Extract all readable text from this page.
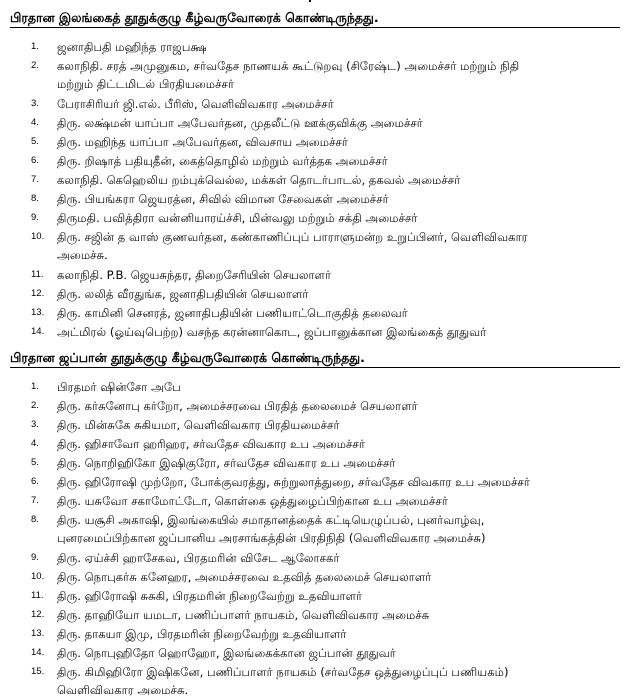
பிரதான இலங்கைத் தூதுக்குழு கீழ்வருவோரைக் கொண்டிருந்தது.
1.	ஜனாதிபதி மஹிந்த ராஜபக்ஷ
2.	கலாநிதி. சரத் அமுனுகம, சர்வதேச நாணயக் கூட்டுறவு (சிரேஷ்ட) அமைச்சர் மற்றும் நிதி
மற்றும் திட்டமிடல் பிரதியமைச்சர்
3.	பேராசிரியர் ஜி.எல். பீரிஸ், வெளிவிவகார அமைச்சர்
4.	திரு. லக்ஷ்மன் யாப்பா அபேவர்தன, முதலீட்டு ஊக்குவிக்கு அமைச்சர்
5.	திரு. மஹிந்த யாப்பா அபேவர்தன, விவசாய அமைச்சர்
6.	திரு. றிஷாத் பதியுதீன், கைத்தொழில் மற்றும் வர்த்தக அமைச்சர்
7.	கலாநிதி. கெஹெலிய றம்புக்வெல்ல, மக்கள் தொடர்பாடல், தகவல் அமைச்சர்
8.	திரு. பியங்கரா ஜெயரத்ன, சிவில் விமான சேவைகள் அமைச்சர்
9.	திருமதி. பவித்திரா வன்னியாரய்ச்சி, மின்வலு மற்றும் சக்தி அமைச்சர்
10.	திரு. சஜின் த வாஸ் குணவர்தன, கண்காணிப்புப் பாராளுமன்ற உறுப்பினர், வெளிவிவகார
அமைச்சு.
11.	கலாநிதி. P.B. ஜெயசுந்தர, திறைசேரியின் செயலாளர்
12.	திரு. லலித் வீரதுங்க, ஜனாதிபதியின் செயலாளர்
13.	திரு. காமினி செனரத், ஜனாதிபதியின் பணியாட்டொகுதித் தலைவர்
14.	அட்மிரல் (ஓய்வுபெற்ற) வசந்த கரன்னாகொட, ஜப்பானுக்கான இலங்கைத் தூதுவர்
பிரதான ஜப்பான் தூதுக்குழு கீழ்வருவோரைக் கொண்டிருந்தது.
1.	பிரதமர் ஷின்சோ அபே
2.	திரு. கர்சுனோபு கர்றோ, அமைச்சரவை பிரதித் தலைமைச் செயலாளர்
3.	திரு. மின்சுகே சுகியமா, வெளிவிவகார பிரதியமைச்சர்
4.	திரு. ஹிசாவோ ஹரிஹர, சர்வதேச விவகார உப அமைச்சர்
5.	திரு. நொறிஹிகோ இஷிகுரோ, சர்வதேச விவகார உப அமைச்சர்
6.	திரு. ஹிரோஷி முற்றோ, போக்குவரத்து, சுற்றுலாத்துறை, சர்வதேச விவகார உப அமைச்சர்
7.	திரு. யசுவோ சகாமோட்டோ, கொள்கை ஒத்துழைப்பிற்கான உப அமைச்சர்
8.	திரு. யசூசி அகாஷி, இலங்கையில் சமாதானத்தைக் கட்டியெழுப்பல், புனர்வாழ்வு,
புனரமைப்பிற்கான ஜப்பானிய அரசாங்கத்தின் பிரதிநிதி (வெளிவிவகார அமைச்சு)
9.	திரு. ஏய்ச்சி ஹாசேகவ, பிரதமரின் விசேட ஆலோசகர்
10.	திரு. நொபுகர்சு கனேஹர, அமைச்சரவை உதவித் தலைமைச் செயலாளர்
11.	திரு. ஹிரோஷி சுசுகி, பிரதமரின் நிறைவேற்று உதவியாளர்
12.	திரு. தாஹியோ யமடா, பணிப்பாளர் நாயகம், வெளிவிவகார அமைச்சு
13.	திரு. தாகயா இமு, பிரதமரின் நிறைவேற்று உதவியாளர்
14.	திரு. நொபுஹிதோ ஹொஹோ, இலங்கைக்கான ஜப்பான் தூதுவர்
15.	திரு. கிமிஹிரோ இஷிகனே, பணிப்பாளர் நாயகம் (சர்வதேச ஒத்துழைப்புப் பணியகம்)
வெளிவிவகார அமைச்சு.
